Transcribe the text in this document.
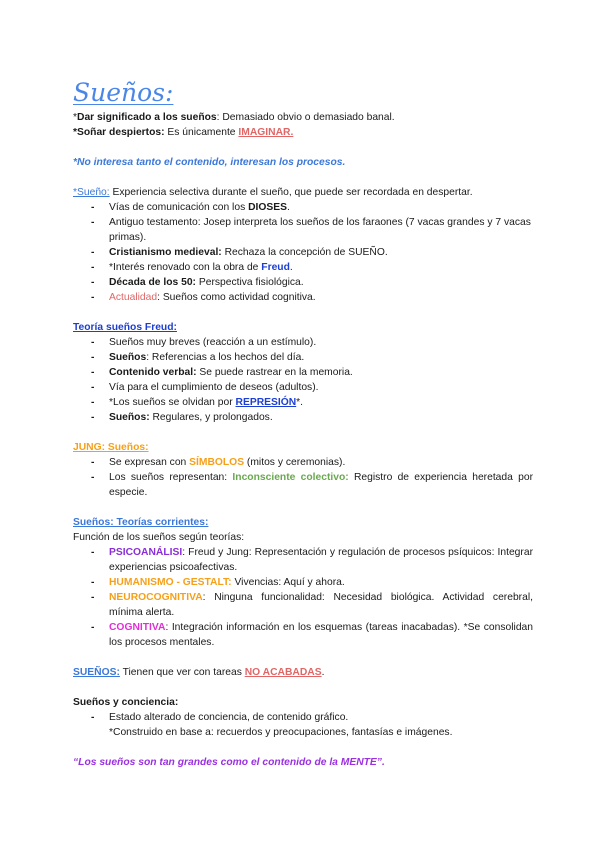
Sueños:

*Dar significado a los sueños: Demasiado obvio o demasiado banal.

*Soñar despiertos: Es únicamente IMAGINAR.

*No interesa tanto el contenido, interesan los procesos.

*Sueño: Experiencia selectiva durante el sueño, que puede ser recordada en despertar.

- Vías de comunicación con los DIOSES.
- Antiguo testamento: Josep interpreta los sueños de los faraones (7 vacas grandes y 7 vacas primas).
- Cristianismo medieval: Rechaza la concepción de SUEÑO.
- *Interés renovado con la obra de Freud.
- Década de los 50: Perspectiva fisiológica.
- Actualidad: Sueños como actividad cognitiva.

Teoría sueños Freud:

- Sueños muy breves (reacción a un estímulo).
- Sueños: Referencias a los hechos del día.
- Contenido verbal: Se puede rastrear en la memoria.
- Vía para el cumplimiento de deseos (adultos).
- *Los sueños se olvidan por REPRESIÓN*.
- Sueños: Regulares, y prolongados.

JUNG: Sueños:

- Se expresan con SÍMBOLOS (mitos y ceremonias).
- Los sueños representan: Inconsciente colectivo: Registro de experiencia heretada por especie.

Sueños: Teorías corrientes:

Función de los sueños según teorías:

- PSICOANÁLISI: Freud y Jung: Representación y regulación de procesos psíquicos: Integrar experiencias psicoafectivas.
- HUMANISMO - GESTALT: Vivencias: Aquí y ahora.
- NEUROCOGNITIVA: Ninguna funcionalidad: Necesidad biológica. Actividad cerebral, mínima alerta.
- COGNITIVA: Integración información en los esquemas (tareas inacabadas). *Se consolidan los procesos mentales.

SUEÑOS: Tienen que ver con tareas NO ACABADAS.

Sueños y conciencia:

- Estado alterado de conciencia, de contenido gráfico.

*Construido en base a: recuerdos y preocupaciones, fantasías e imágenes.

“Los sueños son tan grandes como el contenido de la MENTE”.
